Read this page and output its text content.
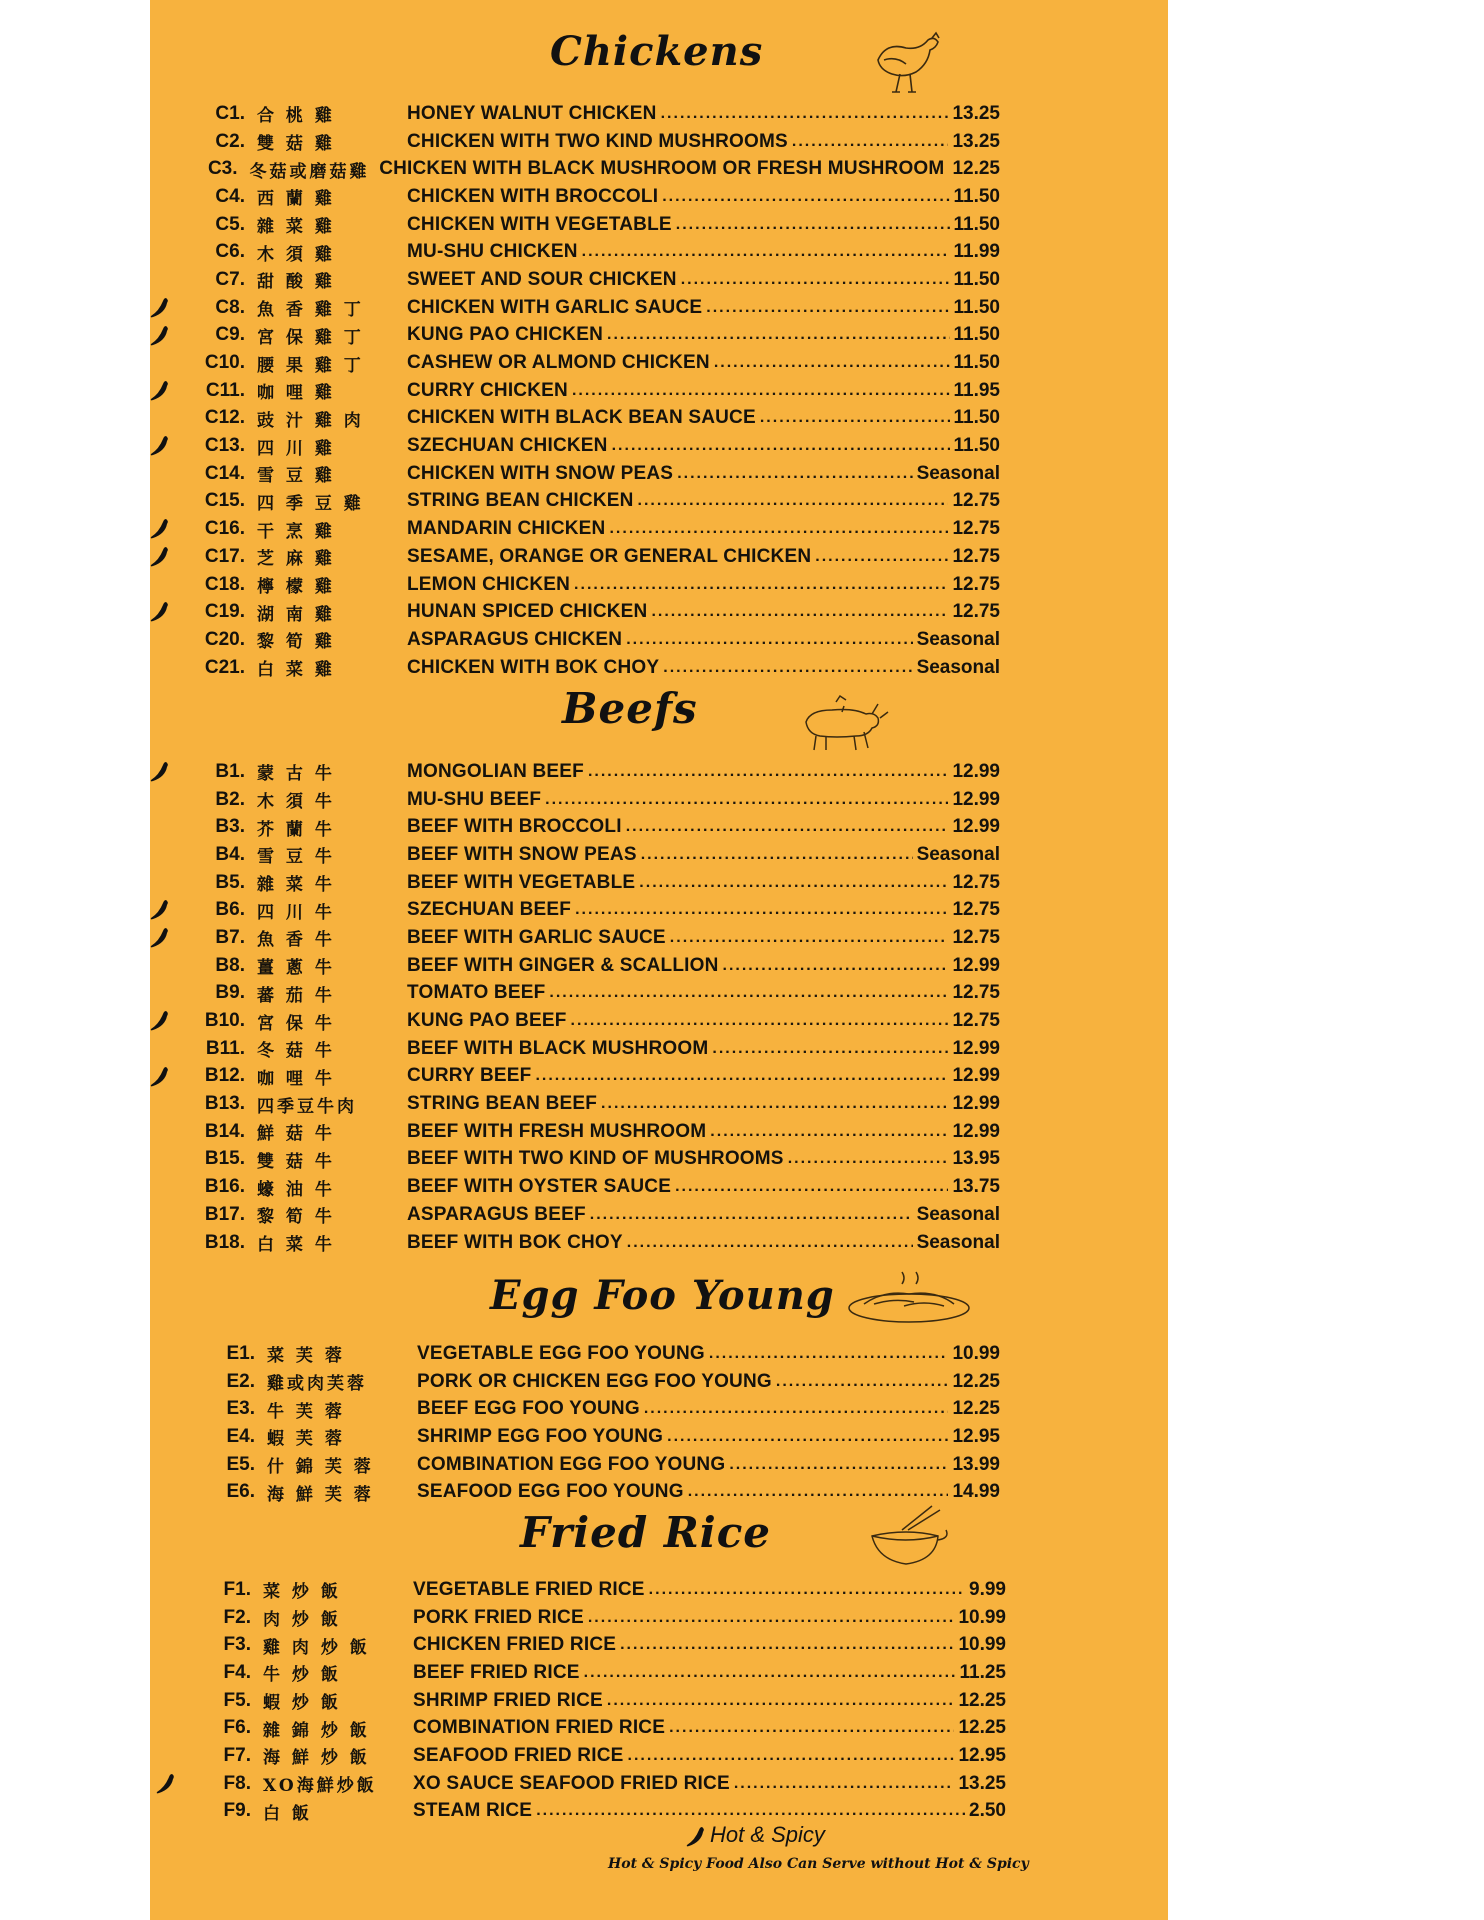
Chickens
C1. 合 桃 雞	HONEY WALNUT CHICKEN .....	13.25
C2. 雙 菇 雞	CHICKEN WITH TWO KIND MUSHROOMS .....	13.25
C3. 冬菇或磨菇雞 CHICKEN WITH BLACK MUSHROOM OR FRESH MUSHROOM 12.25
C4. 西 蘭 雞	CHICKEN WITH BROCCOLI .....	11.50
C5. 雜 菜 雞	CHICKEN WITH VEGETABLE .....	11.50
C6. 木 須 雞	MU-SHU CHICKEN .....	11.99
C7. 甜 酸 雞	SWEET AND SOUR CHICKEN .....	11.50
C8. 魚 香 雞 丁	CHICKEN WITH GARLIC SAUCE .....	11.50
C9. 宮 保 雞 丁	KUNG PAO CHICKEN .....	11.50
C10. 腰 果 雞 丁	CASHEW OR ALMOND CHICKEN .....	11.50
C11. 咖 哩 雞	CURRY CHICKEN .....	11.95
C12. 豉 汁 雞 肉	CHICKEN WITH BLACK BEAN SAUCE .....	11.50
C13. 四 川 雞	SZECHUAN CHICKEN .....	11.50
C14. 雪 豆 雞	CHICKEN WITH SNOW PEAS .....	Seasonal
C15. 四 季 豆 雞	STRING BEAN CHICKEN .....	12.75
C16. 干 烹 雞	MANDARIN CHICKEN .....	12.75
C17. 芝 麻 雞	SESAME, ORANGE OR GENERAL CHICKEN .....	12.75
C18. 檸 檬 雞	LEMON CHICKEN .....	12.75
C19. 湖 南 雞	HUNAN SPICED CHICKEN .....	12.75
C20. 黎 筍 雞	ASPARAGUS CHICKEN .....	Seasonal
C21. 白 菜 雞	CHICKEN WITH BOK CHOY .....	Seasonal
Beefs
B1. 蒙 古 牛	MONGOLIAN BEEF .....	12.99
B2. 木 須 牛	MU-SHU BEEF .....	12.99
B3. 芥 蘭 牛	BEEF WITH BROCCOLI .....	12.99
B4. 雪 豆 牛	BEEF WITH SNOW PEAS .....	Seasonal
B5. 雜 菜 牛	BEEF WITH VEGETABLE .....	12.75
B6. 四 川 牛	SZECHUAN BEEF .....	12.75
B7. 魚 香 牛	BEEF WITH GARLIC SAUCE .....	12.75
B8. 薑 蔥 牛	BEEF WITH GINGER & SCALLION .....	12.99
B9. 蕃 茄 牛	TOMATO BEEF .....	12.75
B10. 宮 保 牛	KUNG PAO BEEF .....	12.75
B11. 冬 菇 牛	BEEF WITH BLACK MUSHROOM .....	12.99
B12. 咖 哩 牛	CURRY BEEF .....	12.99
B13. 四季豆牛肉	STRING BEAN BEEF .....	12.99
B14. 鮮 菇 牛	BEEF WITH FRESH MUSHROOM .....	12.99
B15. 雙 菇 牛	BEEF WITH TWO KIND OF MUSHROOMS .....	13.95
B16. 蠔 油 牛	BEEF WITH OYSTER SAUCE .....	13.75
B17. 黎 筍 牛	ASPARAGUS BEEF .....	Seasonal
B18. 白 菜 牛	BEEF WITH BOK CHOY .....	Seasonal
Egg Foo Young
E1. 菜 芙 蓉	VEGETABLE EGG FOO YOUNG .....	10.99
E2. 雞或肉芙蓉	PORK OR CHICKEN EGG FOO YOUNG .....	12.25
E3. 牛 芙 蓉	BEEF EGG FOO YOUNG .....	12.25
E4. 蝦 芙 蓉	SHRIMP EGG FOO YOUNG .....	12.95
E5. 什 錦 芙 蓉	COMBINATION EGG FOO YOUNG .....	13.99
E6. 海 鮮 芙 蓉	SEAFOOD EGG FOO YOUNG .....	14.99
Fried Rice
F1. 菜 炒 飯	VEGETABLE FRIED RICE .....	9.99
F2. 肉 炒 飯	PORK FRIED RICE .....	10.99
F3. 雞 肉 炒 飯	CHICKEN FRIED RICE .....	10.99
F4. 牛 炒 飯	BEEF FRIED RICE .....	11.25
F5. 蝦 炒 飯	SHRIMP FRIED RICE .....	12.25
F6. 雜 錦 炒 飯	COMBINATION FRIED RICE .....	12.25
F7. 海 鮮 炒 飯	SEAFOOD FRIED RICE .....	12.95
F8. XO海鮮炒飯	XO SAUCE SEAFOOD FRIED RICE .....	13.25
F9. 白 飯	STEAM RICE .....	2.50
Hot & Spicy
Hot & Spicy Food Also Can Serve without Hot & Spicy
